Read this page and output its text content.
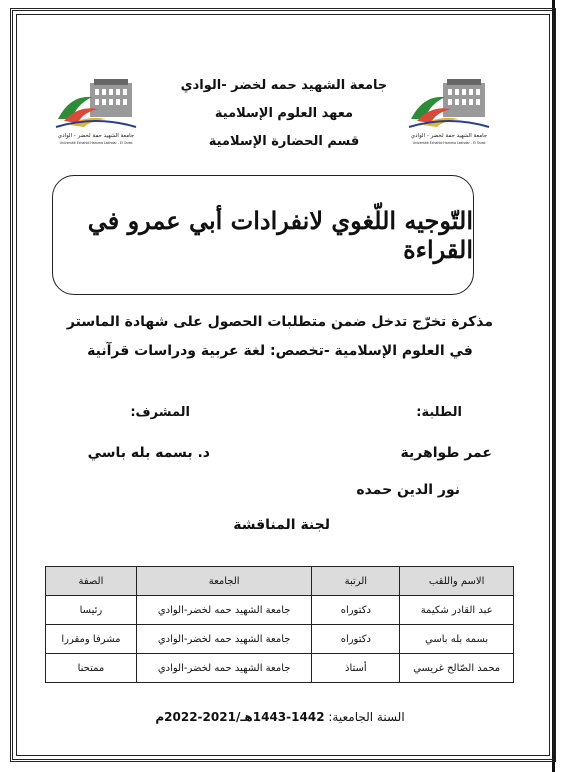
جامعة الشهيد حمة لخضر - الوادي
Université Echahid Hamma Lakhdar - El Oued
جامعة الشهيد حمة لخضر - الوادي
Université Echahid Hamma Lakhdar - El Oued
جامعة الشهيد حمه لخضر -الوادي
معهد العلوم الإسلامية
قسم الحضارة الإسلامية
التّوجيه اللّغوي لانفرادات أبي عمرو في القراءة
مذكرة تخرّج تدخل ضمن متطلبات الحصول على شهادة الماستر
في العلوم الإسلامية -تخصص: لغة عربية ودراسات قرآنية
الطلبة:
المشرف:
عمر طواهرية
د. بسمه بله باسي
نور الدين حمده
لجنة المناقشة
الاسم واللقب	الرتبة	الجامعة	الصفة
عبد القادر شكيمة	دكتوراه	جامعة الشهيد حمه لخضر-الوادي	رئيسا
بسمه بله باسي	دكتوراه	جامعة الشهيد حمه لخضر-الوادي	مشرفا ومقررا
محمد الصّالح غريسي	أستاذ	جامعة الشهيد حمه لخضر-الوادي	ممتحنا
السنة الجامعية: 1442-1443هـ/2021-2022م
